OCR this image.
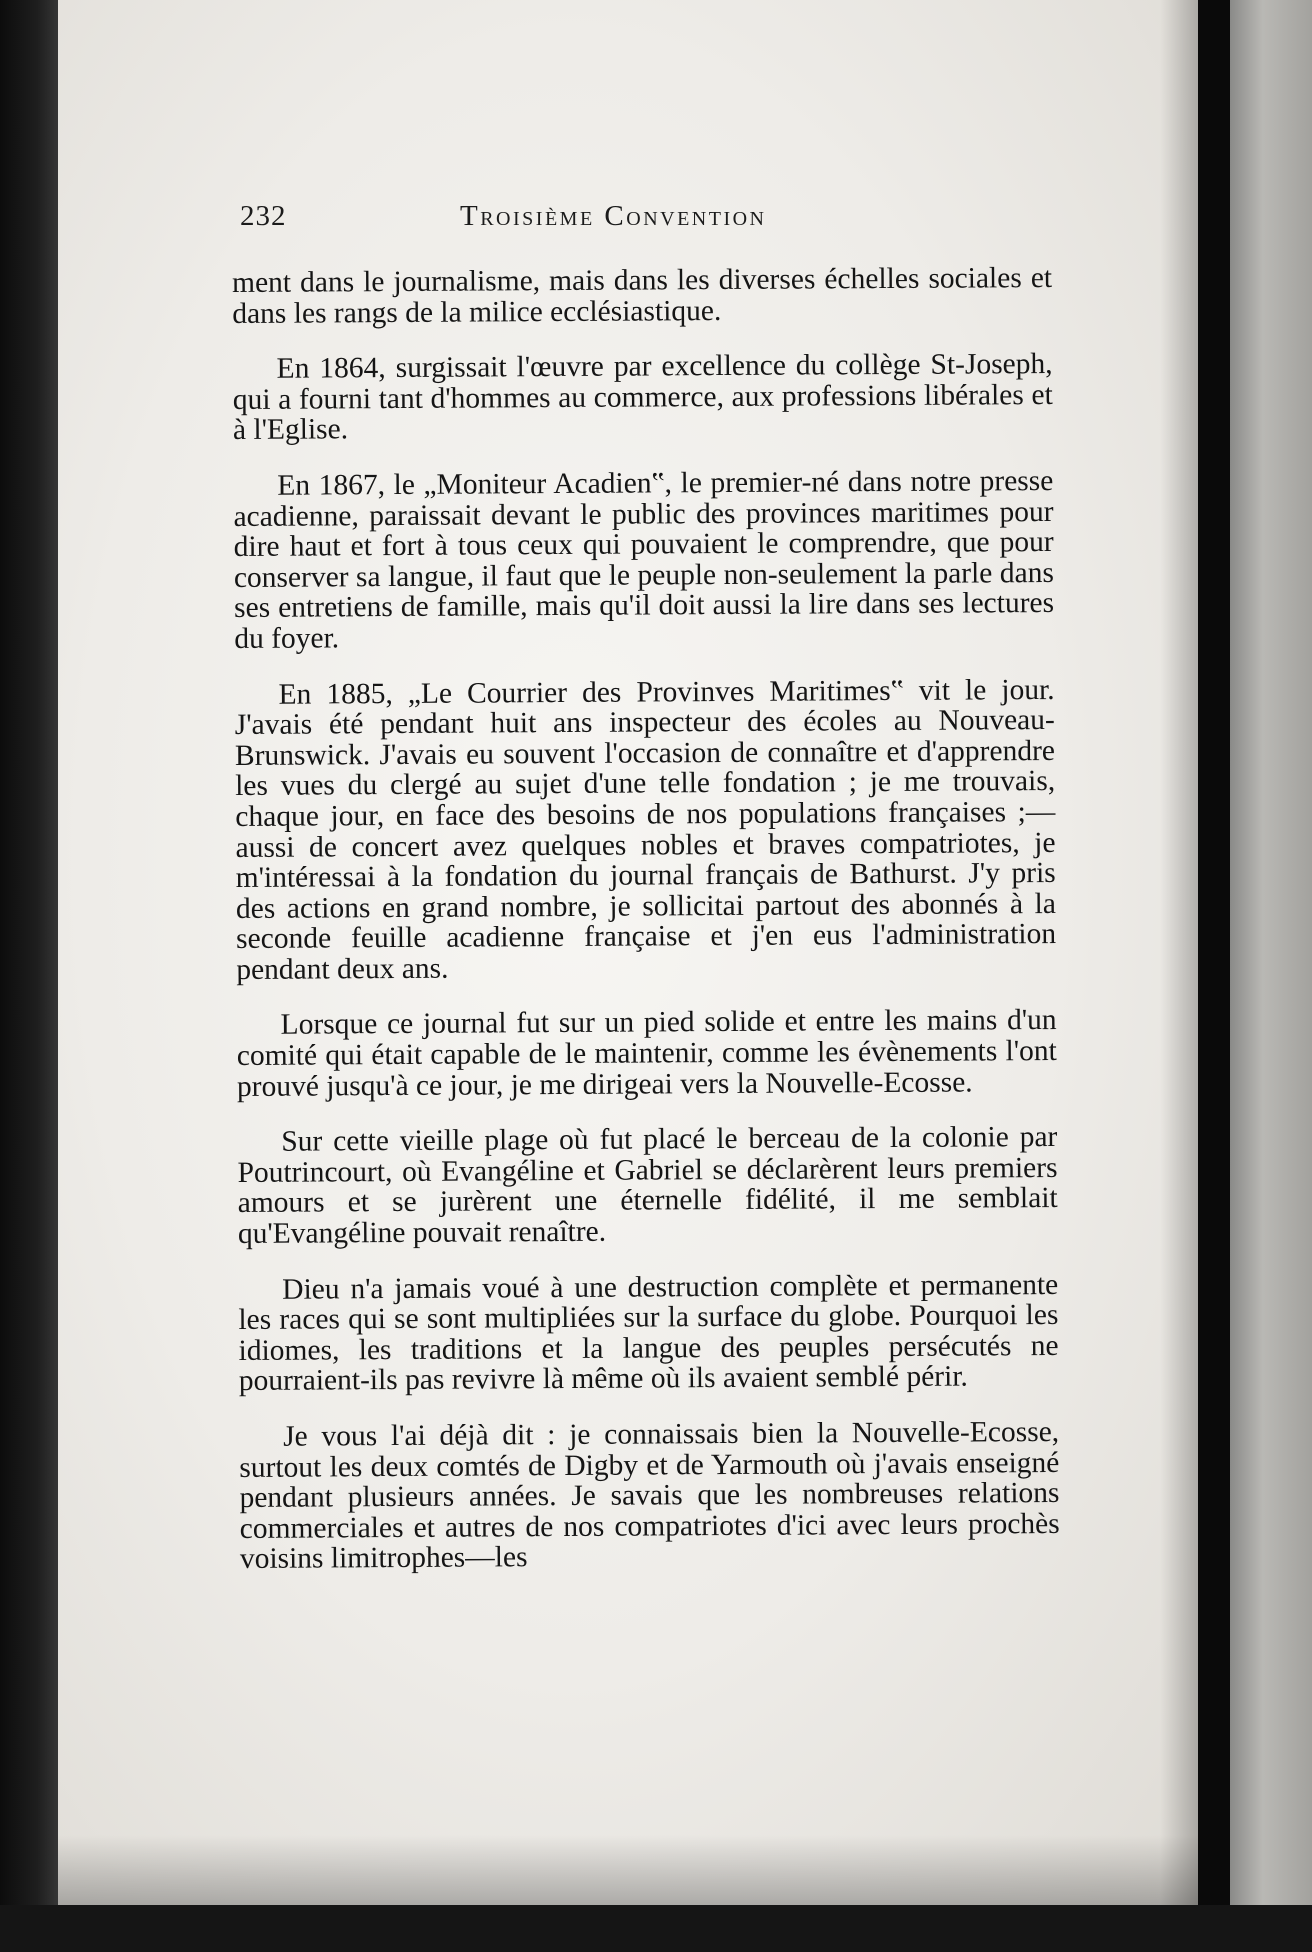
232	Troisième Convention

ment dans le journalisme, mais dans les diverses échelles sociales et dans les rangs de la milice ecclésiastique.

En 1864, surgissait l'œuvre par excellence du collège St-Joseph, qui a fourni tant d'hommes au commerce, aux professions libérales et à l'Eglise.

En 1867, le „Moniteur Acadien‟, le premier-né dans notre presse acadienne, paraissait devant le public des provinces maritimes pour dire haut et fort à tous ceux qui pouvaient le comprendre, que pour conserver sa langue, il faut que le peuple non-seulement la parle dans ses entretiens de famille, mais qu'il doit aussi la lire dans ses lectures du foyer.

En 1885, „Le Courrier des Provinves Maritimes‟ vit le jour. J'avais été pendant huit ans inspecteur des écoles au Nouveau-Brunswick. J'avais eu souvent l'occasion de connaître et d'apprendre les vues du clergé au sujet d'une telle fondation ; je me trouvais, chaque jour, en face des besoins de nos populations françaises ;—aussi de concert avez quelques nobles et braves compatriotes, je m'intéressai à la fondation du journal français de Bathurst. J'y pris des actions en grand nombre, je sollicitai partout des abonnés à la seconde feuille acadienne française et j'en eus l'administration pendant deux ans.

Lorsque ce journal fut sur un pied solide et entre les mains d'un comité qui était capable de le maintenir, comme les évènements l'ont prouvé jusqu'à ce jour, je me dirigeai vers la Nouvelle-Ecosse.

Sur cette vieille plage où fut placé le berceau de la colonie par Poutrincourt, où Evangéline et Gabriel se déclarèrent leurs premiers amours et se jurèrent une éternelle fidélité, il me semblait qu'Evangéline pouvait renaître.

Dieu n'a jamais voué à une destruction complète et permanente les races qui se sont multipliées sur la surface du globe. Pourquoi les idiomes, les traditions et la langue des peuples persécutés ne pourraient-ils pas revivre là même où ils avaient semblé périr.

Je vous l'ai déjà dit : je connaissais bien la Nouvelle-Ecosse, surtout les deux comtés de Digby et de Yarmouth où j'avais enseigné pendant plusieurs années. Je savais que les nombreuses relations commerciales et autres de nos compatriotes d'ici avec leurs prochès voisins limitrophes—les
